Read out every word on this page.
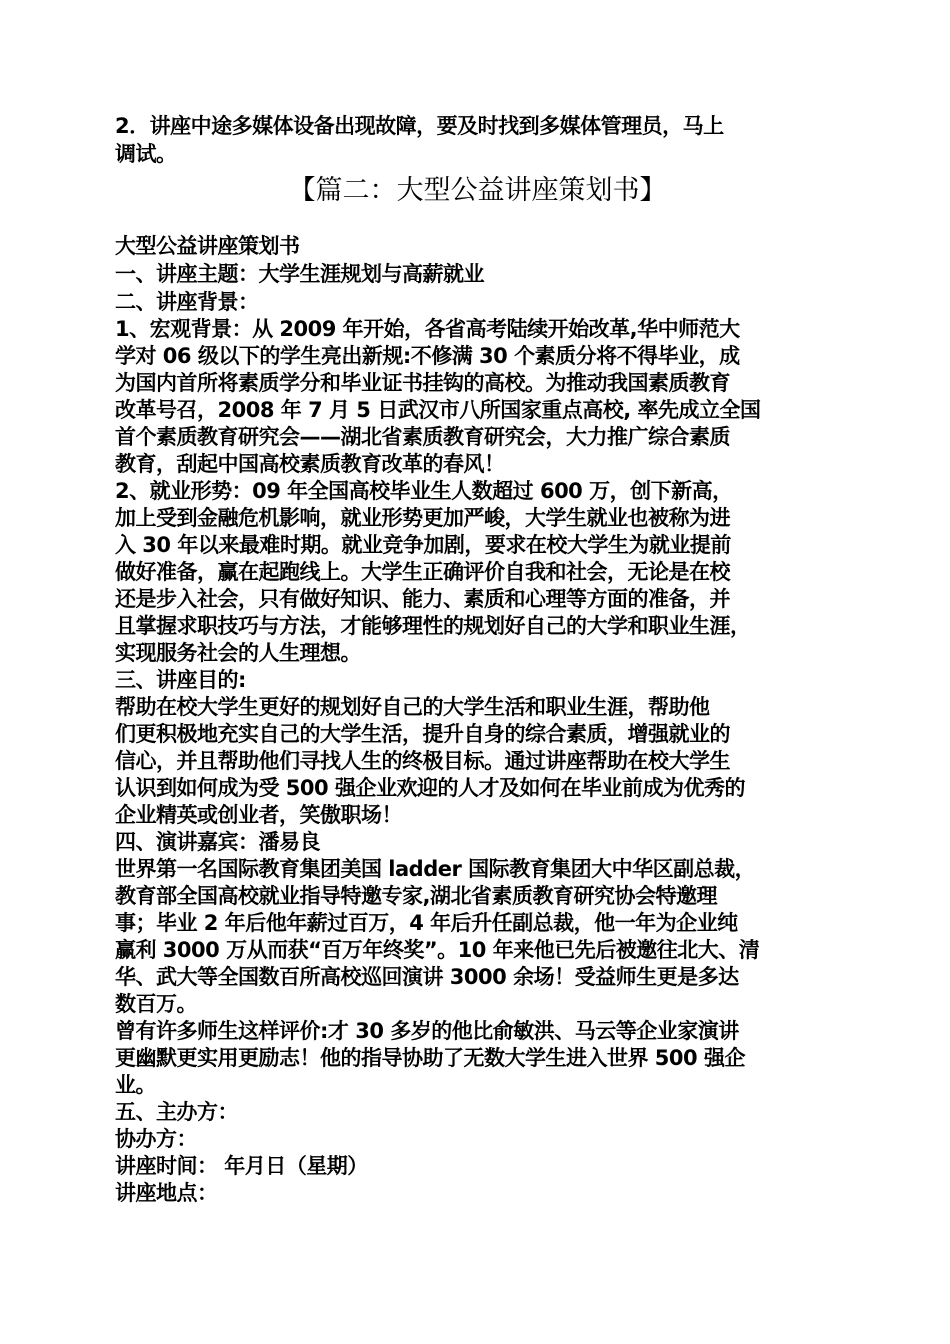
2．讲座中途多媒体设备出现故障，要及时找到多媒体管理员，马上
调试。
【篇二：大型公益讲座策划书】
大型公益讲座策划书
一、讲座主题：大学生涯规划与高薪就业
二、讲座背景：
1、宏观背景：从 2009 年开始，各省高考陆续开始改革,华中师范大
学对 06 级以下的学生亮出新规:不修满 30 个素质分将不得毕业，成
为国内首所将素质学分和毕业证书挂钩的高校。为推动我国素质教育
改革号召，2008 年 7 月 5 日武汉市八所国家重点高校, 率先成立全国
首个素质教育研究会——湖北省素质教育研究会，大力推广综合素质
教育，刮起中国高校素质教育改革的春风！
2、就业形势：09 年全国高校毕业生人数超过 600 万，创下新高，
加上受到金融危机影响，就业形势更加严峻，大学生就业也被称为进
入 30 年以来最难时期。就业竞争加剧，要求在校大学生为就业提前
做好准备，赢在起跑线上。大学生正确评价自我和社会，无论是在校
还是步入社会，只有做好知识、能力、素质和心理等方面的准备，并
且掌握求职技巧与方法，才能够理性的规划好自己的大学和职业生涯，
实现服务社会的人生理想。
三、讲座目的:
帮助在校大学生更好的规划好自己的大学生活和职业生涯，帮助他
们更积极地充实自己的大学生活，提升自身的综合素质，增强就业的
信心，并且帮助他们寻找人生的终极目标。通过讲座帮助在校大学生
认识到如何成为受 500 强企业欢迎的人才及如何在毕业前成为优秀的
企业精英或创业者，笑傲职场！
四、演讲嘉宾：潘易良
世界第一名国际教育集团美国 ladder 国际教育集团大中华区副总裁，
教育部全国高校就业指导特邀专家,湖北省素质教育研究协会特邀理
事；毕业 2 年后他年薪过百万，4 年后升任副总裁，他一年为企业纯
赢利 3000 万从而获“百万年终奖”。10 年来他已先后被邀往北大、清
华、武大等全国数百所高校巡回演讲 3000 余场！受益师生更是多达
数百万。
曾有许多师生这样评价:才 30 多岁的他比俞敏洪、马云等企业家演讲
更幽默更实用更励志！他的指导协助了无数大学生进入世界 500 强企
业。
五、主办方：
协办方：
讲座时间： 年月日（星期）
讲座地点：
